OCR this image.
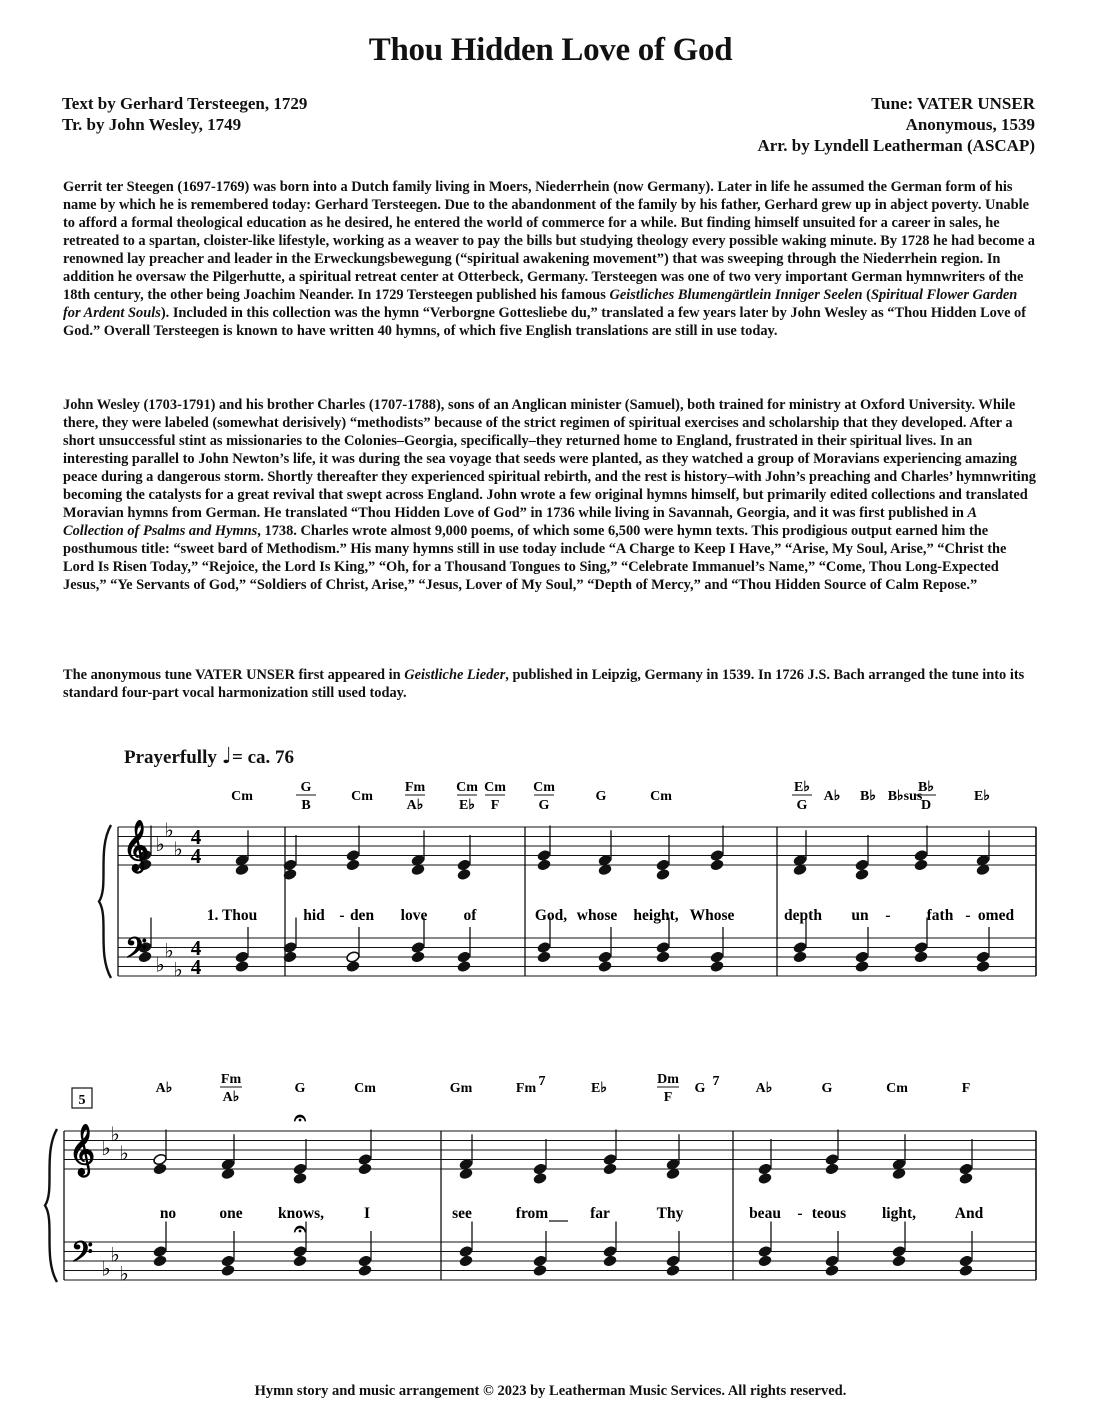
Thou Hidden Love of God
Text by Gerhard Tersteegen, 1729
Tr. by John Wesley, 1749
Tune: VATER UNSER
Anonymous, 1539
Arr. by Lyndell Leatherman (ASCAP)

Gerrit ter Steegen (1697-1769) was born into a Dutch family living in Moers, Niederrhein (now Germany). Later in life he assumed the German form of his name by which he is remembered today: Gerhard Tersteegen. Due to the abandonment of the family by his father, Gerhard grew up in abject poverty. Unable to afford a formal theological education as he desired, he entered the world of commerce for a while. But finding himself unsuited for a career in sales, he retreated to a spartan, cloister-like lifestyle, working as a weaver to pay the bills but studying theology every possible waking minute. By 1728 he had become a renowned lay preacher and leader in the Erweckungsbewegung (“spiritual awakening movement”) that was sweeping through the Niederrhein region. In addition he oversaw the Pilgerhutte, a spiritual retreat center at Otterbeck, Germany. Tersteegen was one of two very important German hymnwriters of the 18th century, the other being Joachim Neander. In 1729 Tersteegen published his famous Geistliches Blumengärtlein Inniger Seelen (Spiritual Flower Garden for Ardent Souls). Included in this collection was the hymn “Verborgne Gottesliebe du,” translated a few years later by John Wesley as “Thou Hidden Love of God.” Overall Tersteegen is known to have written 40 hymns, of which five English translations are still in use today.

John Wesley (1703-1791) and his brother Charles (1707-1788), sons of an Anglican minister (Samuel), both trained for ministry at Oxford University. While there, they were labeled (somewhat derisively) “methodists” because of the strict regimen of spiritual exercises and scholarship that they developed. After a short unsuccessful stint as missionaries to the Colonies–Georgia, specifically–they returned home to England, frustrated in their spiritual lives. In an interesting parallel to John Newton’s life, it was during the sea voyage that seeds were planted, as they watched a group of Moravians experiencing amazing peace during a dangerous storm. Shortly thereafter they experienced spiritual rebirth, and the rest is history–with John’s preaching and Charles’ hymnwriting becoming the catalysts for a great revival that swept across England. John wrote a few original hymns himself, but primarily edited collections and translated Moravian hymns from German. He translated “Thou Hidden Love of God” in 1736 while living in Savannah, Georgia, and it was first published in A Collection of Psalms and Hymns, 1738. Charles wrote almost 9,000 poems, of which some 6,500 were hymn texts. This prodigious output earned him the posthumous title: “sweet bard of Methodism.” His many hymns still in use today include “A Charge to Keep I Have,” “Arise, My Soul, Arise,” “Christ the Lord Is Risen Today,” “Rejoice, the Lord Is King,” “Oh, for a Thousand Tongues to Sing,” “Celebrate Immanuel’s Name,” “Come, Thou Long-Expected Jesus,” “Ye Servants of God,” “Soldiers of Christ, Arise,” “Jesus, Lover of My Soul,” “Depth of Mercy,” and “Thou Hidden Source of Calm Repose.”

The anonymous tune VATER UNSER first appeared in Geistliche Lieder, published in Leipzig, Germany in 1539. In 1726 J.S. Bach arranged the tune into its standard four-part vocal harmonization still used today.

Prayerfully ♩= ca. 76
𝄞
𝄢
♭
♭
♭
♭
♭
♭
4
4
4
4
𝄞
𝄢
♭
♭
♭
♭
♭
♭
𝄐
𝄐
5
Cm
G
B
Cm
Fm
A♭
Cm
E♭
Cm
F
Cm
G
G	Cm
E♭
G
A♭ B♭ B♭sus
B♭
D
E♭
A♭
Fm
A♭
G	Cm	Gm	Fm 7	E♭
Dm
F
G 7	A♭	G	Cm	F
1. Thou	hid - den love of	God, whose height, Whose	depth un - fath - omed
no	one knows,	I	see	from	far	Thy	beau - teous light,	And
Hymn story and music arrangement © 2023 by Leatherman Music Services. All rights reserved.
